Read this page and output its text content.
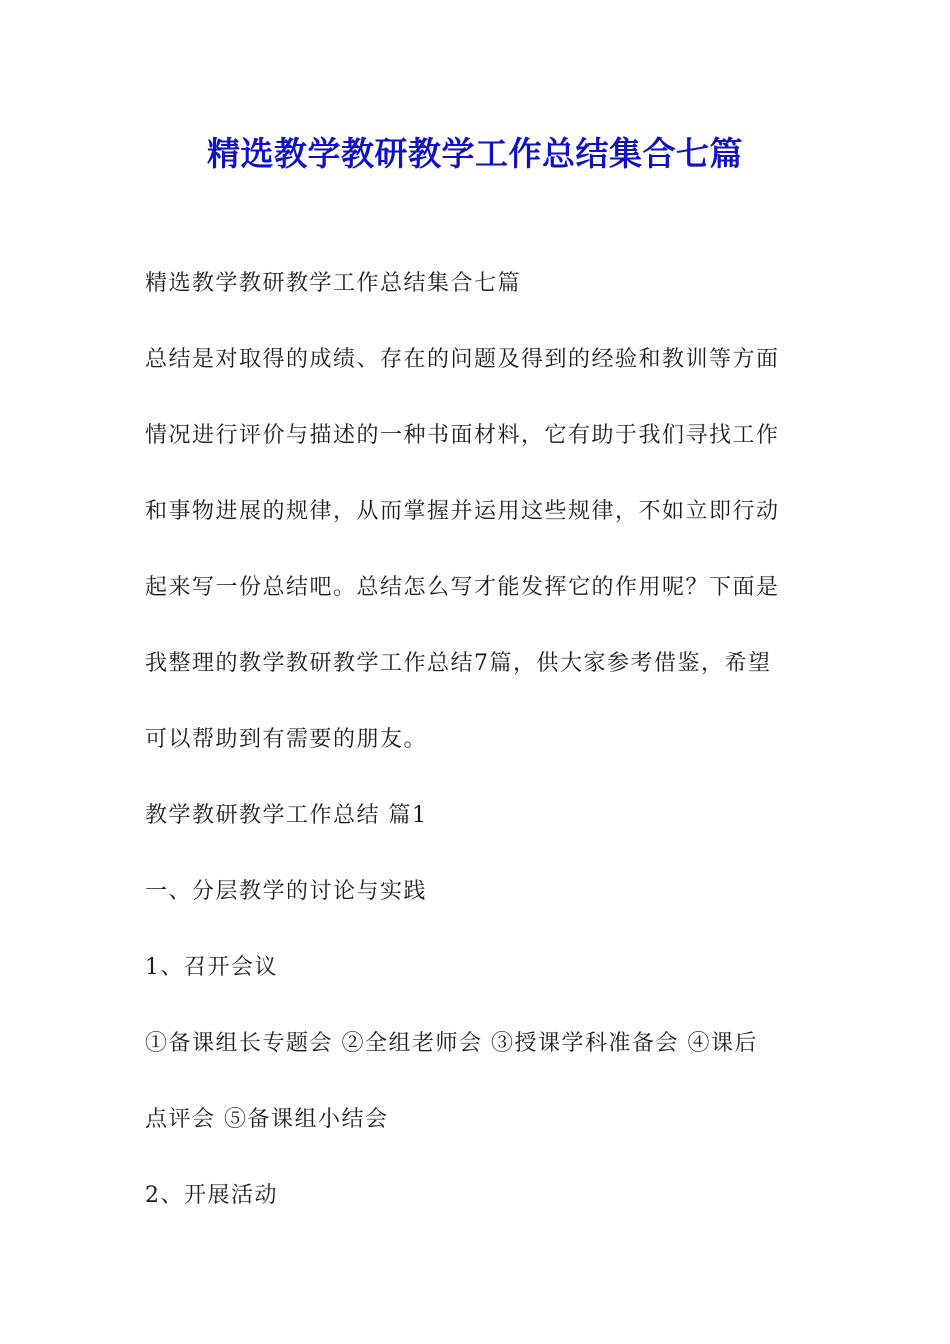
精选教学教研教学工作总结集合七篇

精选教学教研教学工作总结集合七篇

总结是对取得的成绩、存在的问题及得到的经验和教训等方面
情况进行评价与描述的一种书面材料，它有助于我们寻找工作
和事物进展的规律，从而掌握并运用这些规律，不如立即行动
起来写一份总结吧。总结怎么写才能发挥它的作用呢？下面是
我整理的教学教研教学工作总结7篇，供大家参考借鉴，希望
可以帮助到有需要的朋友。

教学教研教学工作总结 篇1

一、分层教学的讨论与实践

1、召开会议

①备课组长专题会 ②全组老师会 ③授课学科准备会 ④课后
点评会 ⑤备课组小结会

2、开展活动
